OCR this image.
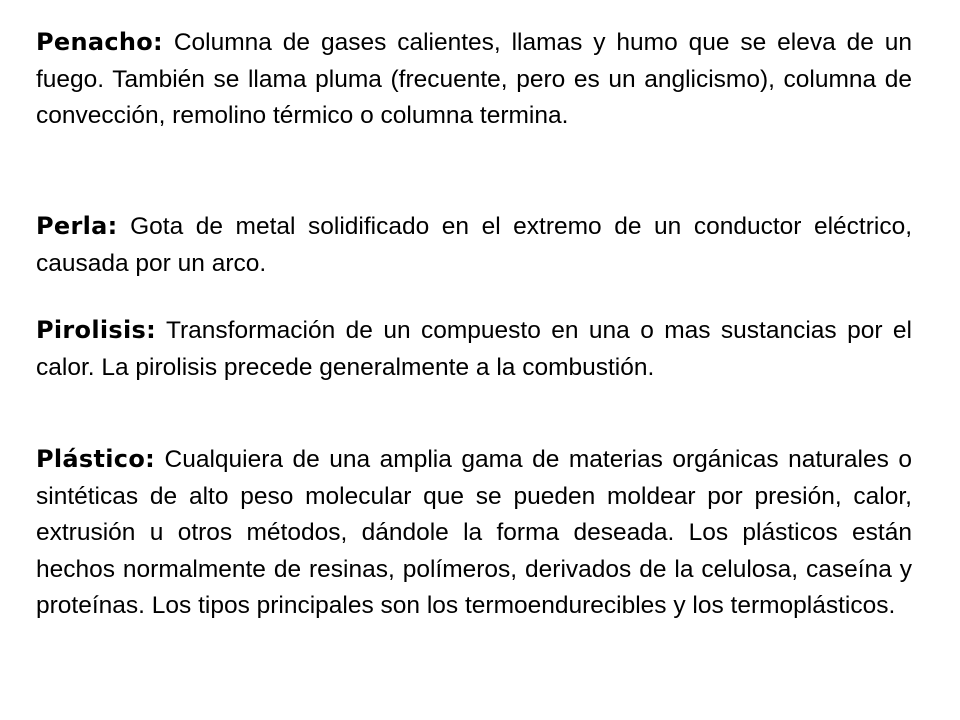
Penacho: Columna de gases calientes, llamas y humo que se eleva de un fuego. También se llama pluma (frecuente, pero es un anglicismo), columna de convección, remolino térmico o columna termina.

Perla: Gota de metal solidificado en el extremo de un conductor eléctrico, causada por un arco.

Pirolisis: Transformación de un compuesto en una o mas sustancias por el calor. La pirolisis precede generalmente a la combustión.

Plástico: Cualquiera de una amplia gama de materias orgánicas naturales o sintéticas de alto peso molecular que se pueden moldear por presión, calor, extrusión u otros métodos, dándole la forma deseada. Los plásticos están hechos normalmente de resinas, polímeros, derivados de la celulosa, caseína y proteínas. Los tipos principales son los termoendurecibles y los termoplásticos.
